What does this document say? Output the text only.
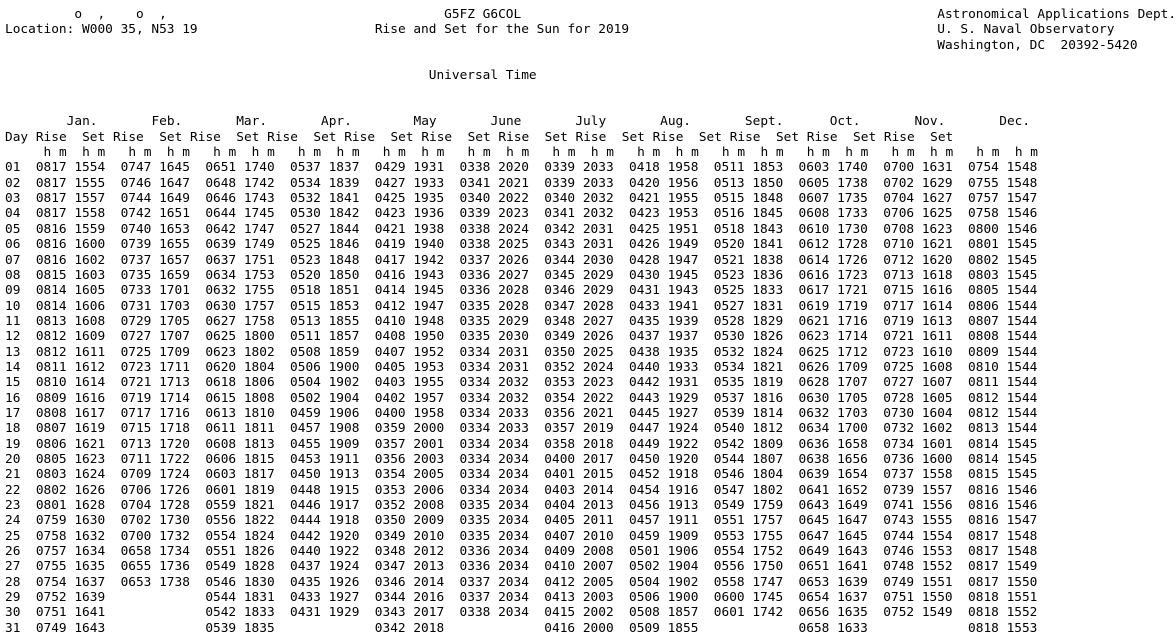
o  ,    o  ,	G5FZ G6COL	Astronomical Applications Dept.
Location: W000 35, N53 19	Rise and Set for the Sun for 2019	U. S. Naval Observatory
Washington, DC  20392-5420

Universal Time

Jan.	Feb.	Mar.	Apr.	May	June	July	Aug.	Sept.	Oct.	Nov.	Dec.
Day Rise Set Rise Set Rise Set Rise Set Rise Set Rise Set Rise Set Rise Set Rise Set Rise Set Rise Set Rise Set
h m h m h m h m h m h m h m h m h m h m h m h m h m h m h m h m h m h m h m h m h m h m h m h m
01  0817 1554  0747 1645  0651 1740  0537 1837  0429 1931  0338 2020  0339 2033  0418 1958  0511 1853  0603 1740  0700 1631  0754 1548
02  0817 1555  0746 1647  0648 1742  0534 1839  0427 1933  0341 2021  0339 2033  0420 1956  0513 1850  0605 1738  0702 1629  0755 1548
03  0817 1557  0744 1649  0646 1743  0532 1841  0425 1935  0340 2022  0340 2032  0421 1955  0515 1848  0607 1735  0704 1627  0757 1547
04  0817 1558  0742 1651  0644 1745  0530 1842  0423 1936  0339 2023  0341 2032  0423 1953  0516 1845  0608 1733  0706 1625  0758 1546
05  0816 1559  0740 1653  0642 1747  0527 1844  0421 1938  0338 2024  0342 2031  0425 1951  0518 1843  0610 1730  0708 1623  0800 1546
06  0816 1600  0739 1655  0639 1749  0525 1846  0419 1940  0338 2025  0343 2031  0426 1949  0520 1841  0612 1728  0710 1621  0801 1545
07  0816 1602  0737 1657  0637 1751  0523 1848  0417 1942  0337 2026  0344 2030  0428 1947  0521 1838  0614 1726  0712 1620  0802 1545
08  0815 1603  0735 1659  0634 1753  0520 1850  0416 1943  0336 2027  0345 2029  0430 1945  0523 1836  0616 1723  0713 1618  0803 1545
09  0814 1605  0733 1701  0632 1755  0518 1851  0414 1945  0336 2028  0346 2029  0431 1943  0525 1833  0617 1721  0715 1616  0805 1544
10  0814 1606  0731 1703  0630 1757  0515 1853  0412 1947  0335 2028  0347 2028  0433 1941  0527 1831  0619 1719  0717 1614  0806 1544
11  0813 1608  0729 1705  0627 1758  0513 1855  0410 1948  0335 2029  0348 2027  0435 1939  0528 1829  0621 1716  0719 1613  0807 1544
12  0812 1609  0727 1707  0625 1800  0511 1857  0408 1950  0335 2030  0349 2026  0437 1937  0530 1826  0623 1714  0721 1611  0808 1544
13  0812 1611  0725 1709  0623 1802  0508 1859  0407 1952  0334 2031  0350 2025  0438 1935  0532 1824  0625 1712  0723 1610  0809 1544
14  0811 1612  0723 1711  0620 1804  0506 1900  0405 1953  0334 2031  0352 2024  0440 1933  0534 1821  0626 1709  0725 1608  0810 1544
15  0810 1614  0721 1713  0618 1806  0504 1902  0403 1955  0334 2032  0353 2023  0442 1931  0535 1819  0628 1707  0727 1607  0811 1544
16  0809 1616  0719 1714  0615 1808  0502 1904  0402 1957  0334 2032  0354 2022  0443 1929  0537 1816  0630 1705  0728 1605  0812 1544
17  0808 1617  0717 1716  0613 1810  0459 1906  0400 1958  0334 2033  0356 2021  0445 1927  0539 1814  0632 1703  0730 1604  0812 1544
18  0807 1619  0715 1718  0611 1811  0457 1908  0359 2000  0334 2033  0357 2019  0447 1924  0540 1812  0634 1700  0732 1602  0813 1544
19  0806 1621  0713 1720  0608 1813  0455 1909  0357 2001  0334 2034  0358 2018  0449 1922  0542 1809  0636 1658  0734 1601  0814 1545
20  0805 1623  0711 1722  0606 1815  0453 1911  0356 2003  0334 2034  0400 2017  0450 1920  0544 1807  0638 1656  0736 1600  0814 1545
21  0803 1624  0709 1724  0603 1817  0450 1913  0354 2005  0334 2034  0401 2015  0452 1918  0546 1804  0639 1654  0737 1558  0815 1545
22  0802 1626  0706 1726  0601 1819  0448 1915  0353 2006  0334 2034  0403 2014  0454 1916  0547 1802  0641 1652  0739 1557  0816 1546
23  0801 1628  0704 1728  0559 1821  0446 1917  0352 2008  0335 2034  0404 2013  0456 1913  0549 1759  0643 1649  0741 1556  0816 1546
24  0759 1630  0702 1730  0556 1822  0444 1918  0350 2009  0335 2034  0405 2011  0457 1911  0551 1757  0645 1647  0743 1555  0816 1547
25  0758 1632  0700 1732  0554 1824  0442 1920  0349 2010  0335 2034  0407 2010  0459 1909  0553 1755  0647 1645  0744 1554  0817 1548
26  0757 1634  0658 1734  0551 1826  0440 1922  0348 2012  0336 2034  0409 2008  0501 1906  0554 1752  0649 1643  0746 1553  0817 1548
27  0755 1635  0655 1736  0549 1828  0437 1924  0347 2013  0336 2034  0410 2007  0502 1904  0556 1750  0651 1641  0748 1552  0817 1549
28  0754 1637  0653 1738  0546 1830  0435 1926  0346 2014  0337 2034  0412 2005  0504 1902  0558 1747  0653 1639  0749 1551  0817 1550
29  0752 1639             0544 1831  0433 1927  0344 2016  0337 2034  0413 2003  0506 1900  0600 1745  0654 1637  0751 1550  0818 1551
30  0751 1641             0542 1833  0431 1929  0343 2017  0338 2034  0415 2002  0508 1857  0601 1742  0656 1635  0752 1549  0818 1552
31  0749 1643             0539 1835             0342 2018             0416 2000  0509 1855             0658 1633             0818 1553
